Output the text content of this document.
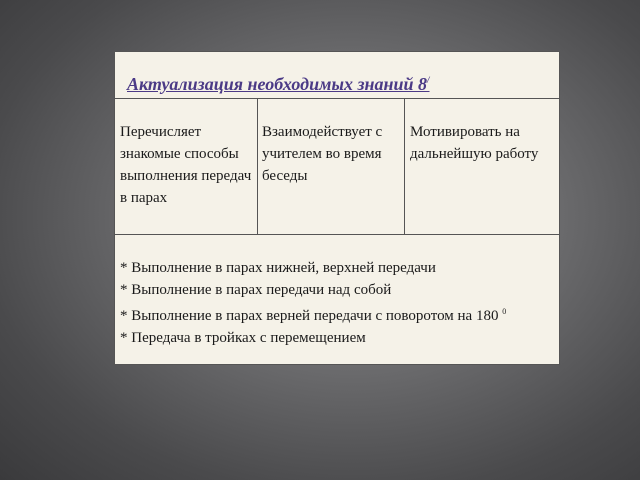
Актуализация необходимых знаний 8/
Перечисляет знакомые способы выполнения передач в парах
Взаимодействует с учителем во время беседы
Мотивировать на дальнейшую работу
* Выполнение в парах нижней, верхней передачи
* Выполнение в парах передачи над собой
* Выполнение в парах верней передачи с поворотом на 180 $^0$
* Передача в тройках с перемещением
